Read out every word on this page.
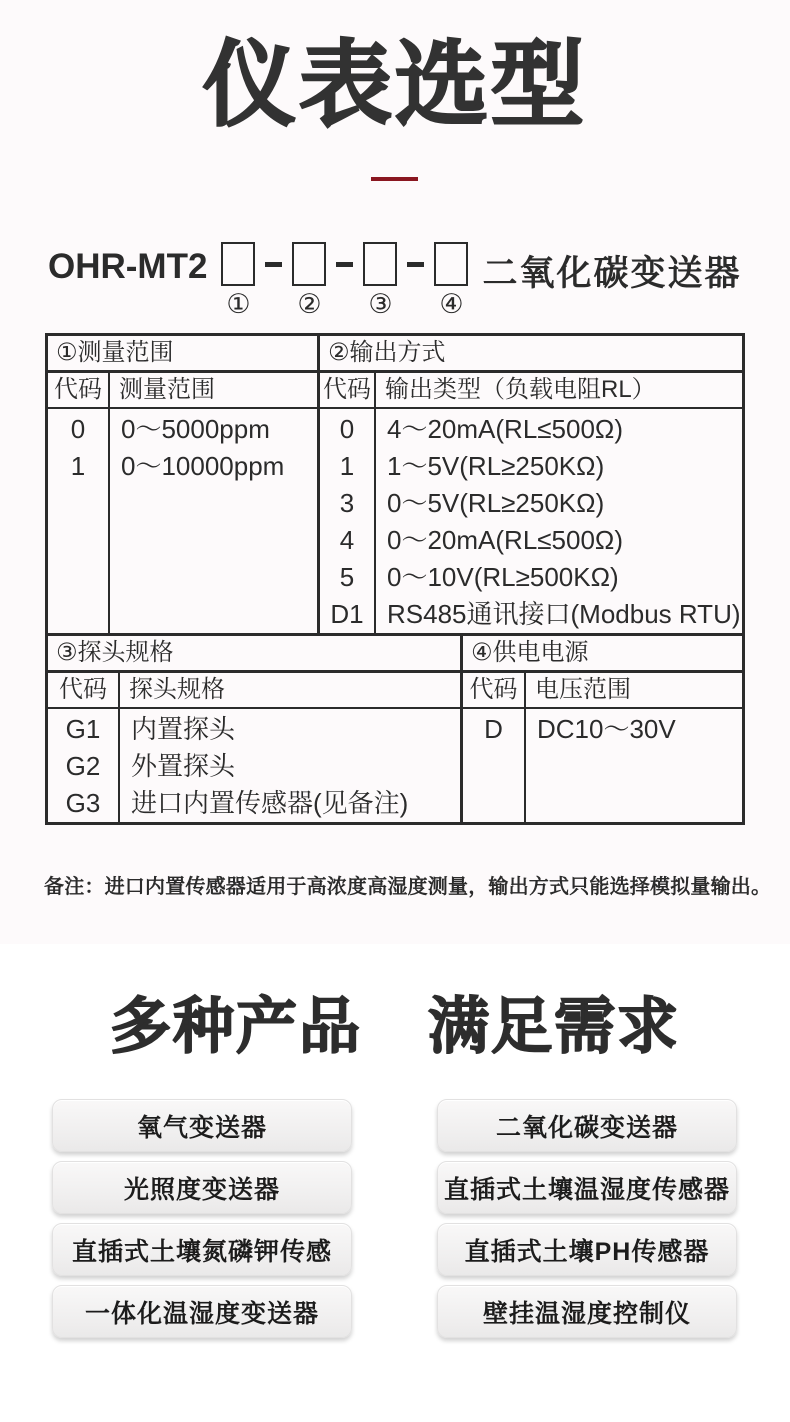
仪表选型
OHR-MT2
① ② ③ ④
二氧化碳变送器
①测量范围
代码 测量范围
0
1
0～5000ppm
0～10000ppm
②输出方式
代码 输出类型（负载电阻RL）
0
1
3
4
5
D1
4～20mA(RL≤500Ω)
1～5V(RL≥250KΩ)
0～5V(RL≥250KΩ)
0～20mA(RL≤500Ω)
0～10V(RL≥500KΩ)
RS485通讯接口(Modbus RTU)
③探头规格
代码 探头规格
G1
G2
G3
内置探头
外置探头
进口内置传感器(见备注)
④供电电源
代码 电压范围
D	DC10～30V

备注：进口内置传感器适用于高浓度高湿度测量，输出方式只能选择模拟量输出。

多种产品 满足需求
氧气变送器
光照度变送器
直插式土壤氮磷钾传感
一体化温湿度变送器
二氧化碳变送器
直插式土壤温湿度传感器
直插式土壤PH传感器
壁挂温湿度控制仪
